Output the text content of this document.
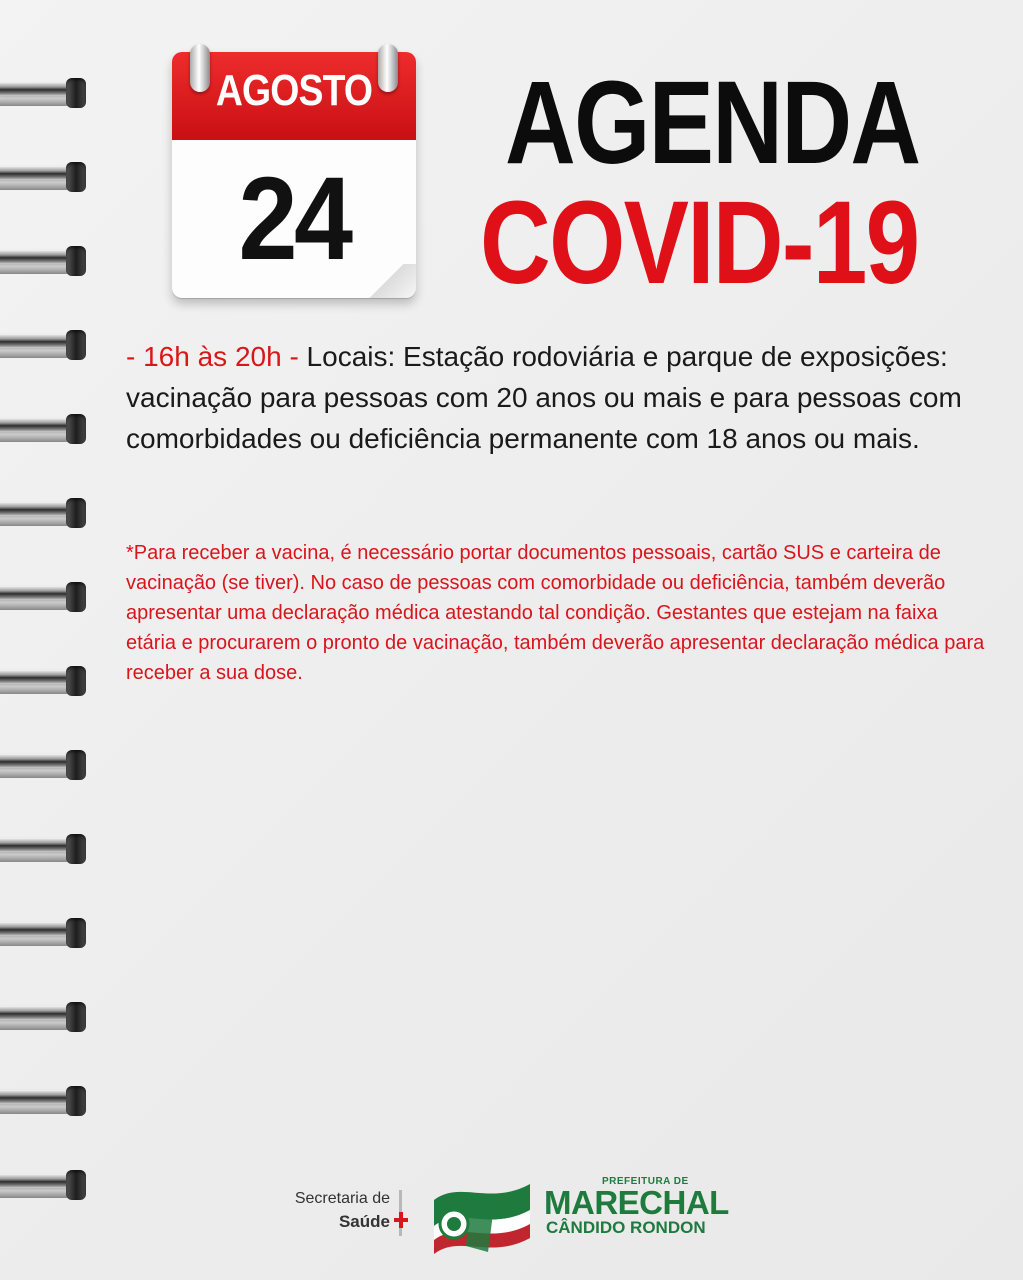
AGOSTO
24
AGENDA
COVID-19
- 16h às 20h - Locais: Estação rodoviária e parque de exposições: vacinação para pessoas com 20 anos ou mais e para pessoas com comorbidades ou deficiência permanente com 18 anos ou mais.
*Para receber a vacina, é necessário portar documentos pessoais, cartão SUS e carteira de vacinação (se tiver). No caso de pessoas com comorbidade ou deficiência, também deverão apresentar uma declaração médica atestando tal condição. Gestantes que estejam na faixa etária e procurarem o pronto de vacinação, também deverão apresentar declaração médica para receber a sua dose.
Secretaria de
Saúde
PREFEITURA DE
MARECHAL
CÂNDIDO RONDON
